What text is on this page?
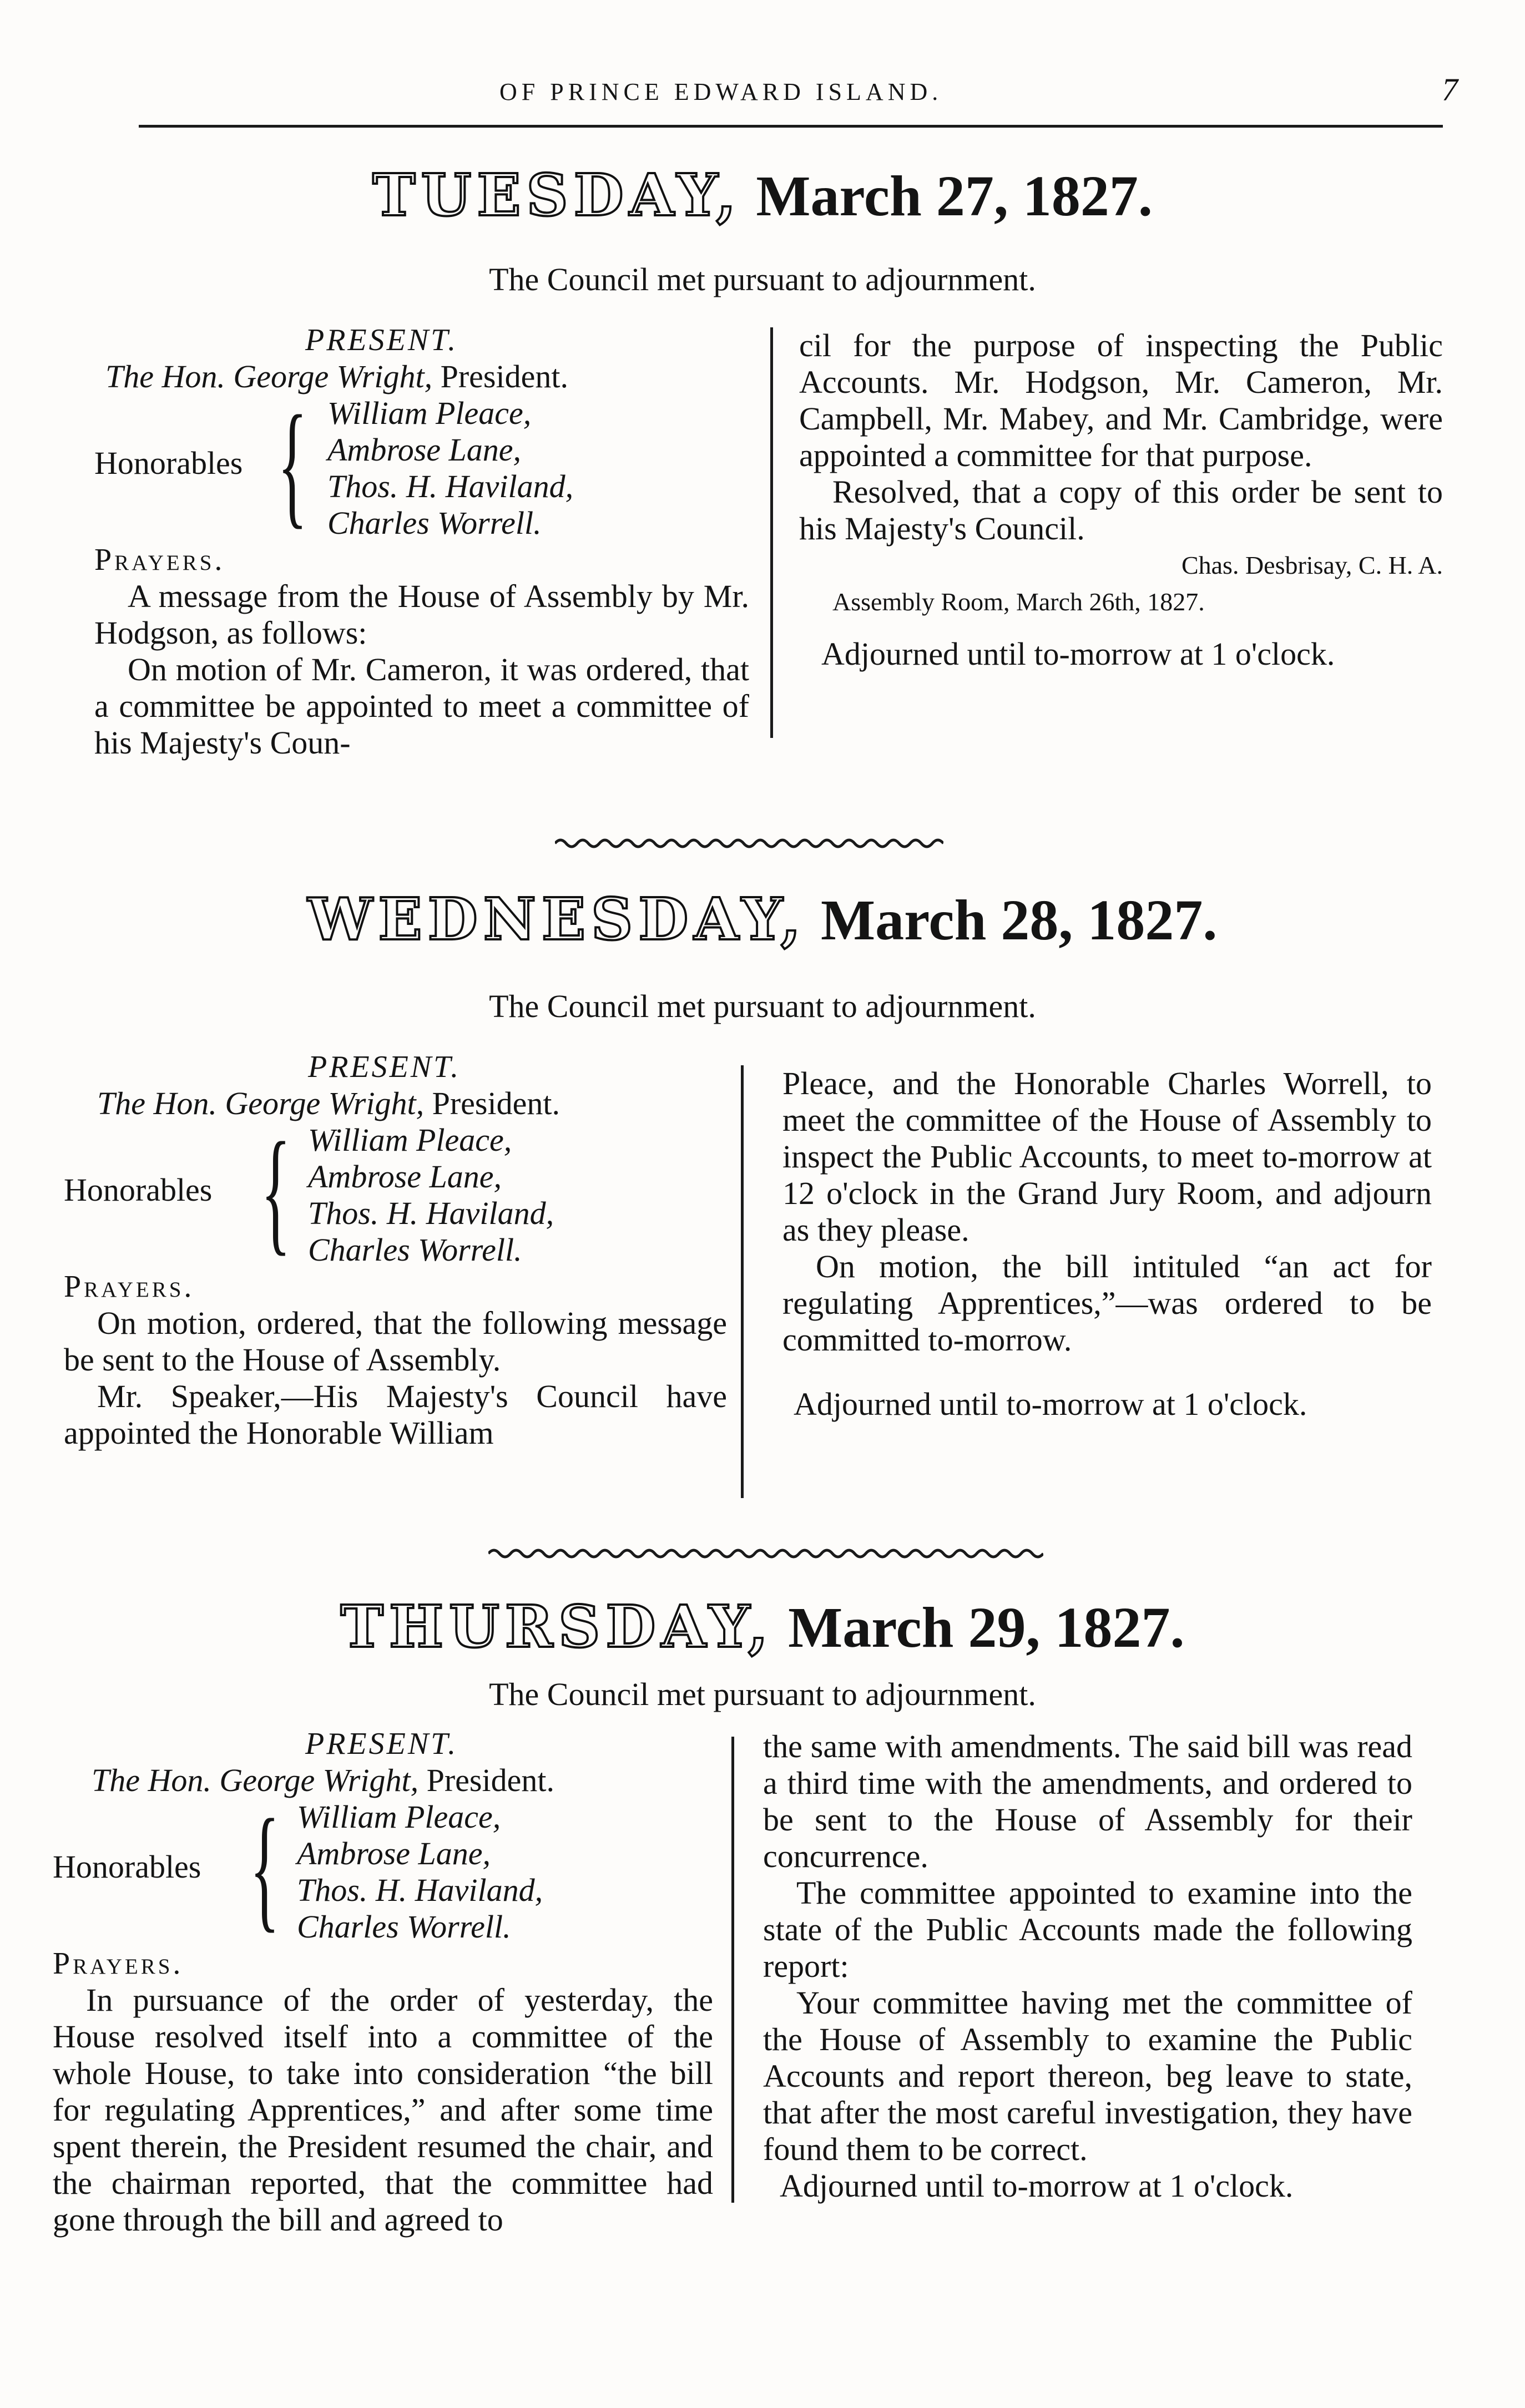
OF PRINCE EDWARD ISLAND.	7
TUESDAY, March 27, 1827.
The Council met pursuant to adjournment.
PRESENT.
The Hon. George Wright, President.
Honorables { William Pleace,
Ambrose Lane,
Thos. H. Haviland,
Charles Worrell.
Prayers.

A message from the House of Assembly by Mr. Hodgson, as follows:

On motion of Mr. Cameron, it was ordered, that a committee be appointed to meet a committee of his Majesty's Coun-

cil for the purpose of inspecting the Public Accounts. Mr. Hodgson, Mr. Cameron, Mr. Campbell, Mr. Mabey, and Mr. Cambridge, were appointed a committee for that purpose.

Resolved, that a copy of this order be sent to his Majesty's Council.

Chas. Desbrisay, C. H. A.
Assembly Room, March 26th, 1827.
Adjourned until to-morrow at 1 o'clock.
WEDNESDAY, March 28, 1827.
The Council met pursuant to adjournment.
PRESENT.
The Hon. George Wright, President.
Honorables { William Pleace,
Ambrose Lane,
Thos. H. Haviland,
Charles Worrell.
Prayers.

On motion, ordered, that the following message be sent to the House of Assembly.

Mr. Speaker,—His Majesty's Council have appointed the Honorable William

Pleace, and the Honorable Charles Worrell, to meet the committee of the House of Assembly to inspect the Public Accounts, to meet to-morrow at 12 o'clock in the Grand Jury Room, and adjourn as they please.

On motion, the bill intituled “an act for regulating Apprentices,”—was ordered to be committed to-morrow.

Adjourned until to-morrow at 1 o'clock.
THURSDAY, March 29, 1827.
The Council met pursuant to adjournment.
PRESENT.
The Hon. George Wright, President.
Honorables { William Pleace,
Ambrose Lane,
Thos. H. Haviland,
Charles Worrell.
Prayers.

In pursuance of the order of yesterday, the House resolved itself into a committee of the whole House, to take into consideration “the bill for regulating Apprentices,” and after some time spent therein, the President resumed the chair, and the chairman reported, that the committee had gone through the bill and agreed to

the same with amendments. The said bill was read a third time with the amendments, and ordered to be sent to the House of Assembly for their concurrence.

The committee appointed to examine into the state of the Public Accounts made the following report:

Your committee having met the committee of the House of Assembly to examine the Public Accounts and report thereon, beg leave to state, that after the most careful investigation, they have found them to be correct.

Adjourned until to-morrow at 1 o'clock.
